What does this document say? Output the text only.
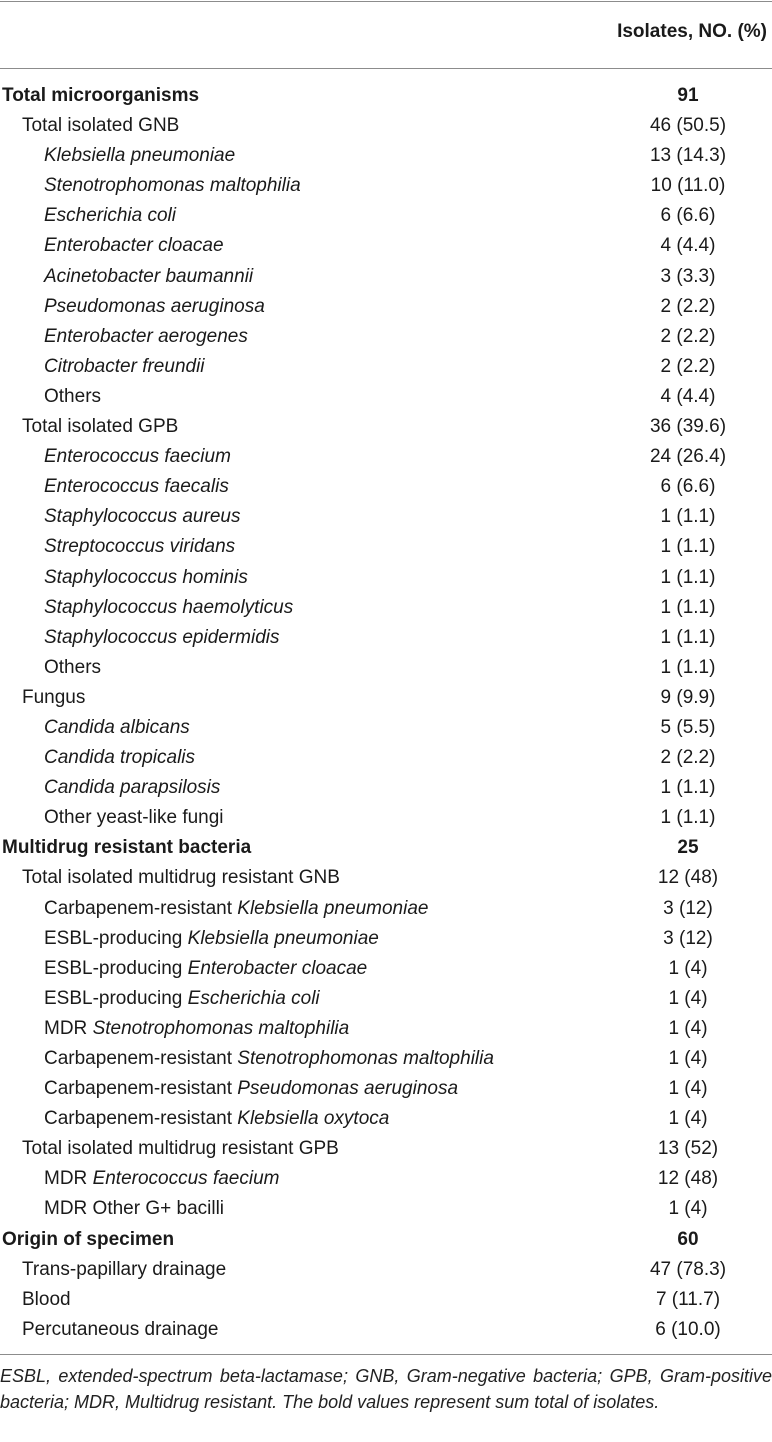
Isolates, NO. (%)
Total microorganisms	91
Total isolated GNB	46 (50.5)
Klebsiella pneumoniae	13 (14.3)
Stenotrophomonas maltophilia	10 (11.0)
Escherichia coli	6 (6.6)
Enterobacter cloacae	4 (4.4)
Acinetobacter baumannii	3 (3.3)
Pseudomonas aeruginosa	2 (2.2)
Enterobacter aerogenes	2 (2.2)
Citrobacter freundii	2 (2.2)
Others	4 (4.4)
Total isolated GPB	36 (39.6)
Enterococcus faecium	24 (26.4)
Enterococcus faecalis	6 (6.6)
Staphylococcus aureus	1 (1.1)
Streptococcus viridans	1 (1.1)
Staphylococcus hominis	1 (1.1)
Staphylococcus haemolyticus	1 (1.1)
Staphylococcus epidermidis	1 (1.1)
Others	1 (1.1)
Fungus	9 (9.9)
Candida albicans	5 (5.5)
Candida tropicalis	2 (2.2)
Candida parapsilosis	1 (1.1)
Other yeast-like fungi	1 (1.1)
Multidrug resistant bacteria	25
Total isolated multidrug resistant GNB	12 (48)
Carbapenem-resistant Klebsiella pneumoniae	3 (12)
ESBL-producing Klebsiella pneumoniae	3 (12)
ESBL-producing Enterobacter cloacae	1 (4)
ESBL-producing Escherichia coli	1 (4)
MDR Stenotrophomonas maltophilia	1 (4)
Carbapenem-resistant Stenotrophomonas maltophilia	1 (4)
Carbapenem-resistant Pseudomonas aeruginosa	1 (4)
Carbapenem-resistant Klebsiella oxytoca	1 (4)
Total isolated multidrug resistant GPB	13 (52)
MDR Enterococcus faecium	12 (48)
MDR Other G+ bacilli	1 (4)
Origin of specimen	60
Trans-papillary drainage	47 (78.3)
Blood	7 (11.7)
Percutaneous drainage	6 (10.0)
ESBL, extended-spectrum beta-lactamase; GNB, Gram-negative bacteria; GPB, Gram-positive bacteria; MDR, Multidrug resistant. The bold values represent sum total of isolates.
